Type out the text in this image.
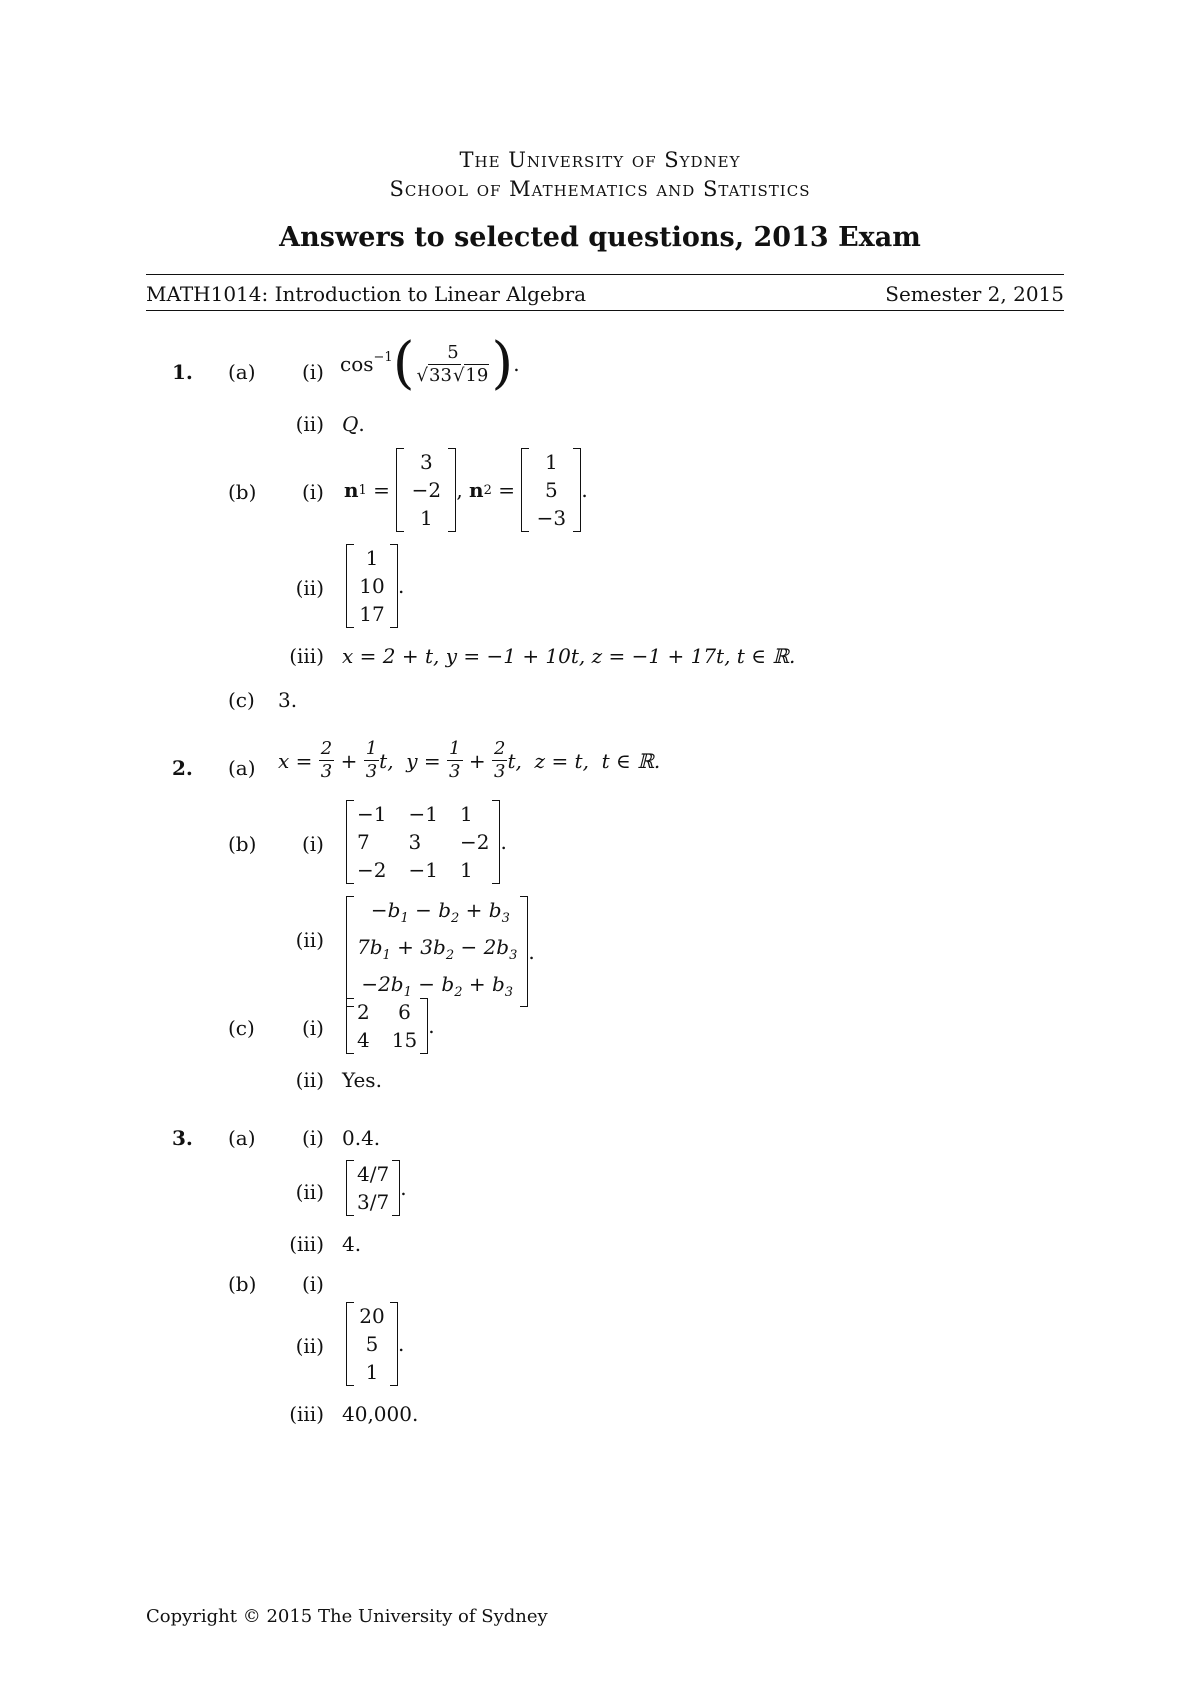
The University of Sydney
School of Mathematics and Statistics
Answers to selected questions, 2013 Exam
MATH1014: Introduction to Linear Algebra	Semester 2, 2015
1. (a)	(i) $\cos^{-1}$ ( $\frac{5}{√33√19}$ ) .
(ii) Q.
(b)	(i) n 1 =
3
−2
1
, n 2 =
1
5
−3
.
(ii)
1
10
17
.
(iii) x = 2 + t, y = −1 + 10t, z = −1 + 17t, t ∈ ℝ.
(c) 3.
2. (a) $x = \frac{2}{3} + \frac{1}{3} t$,  $y = \frac{1}{3} + \frac{2}{3} t$,  z = t,  t ∈ ℝ.
(b)	(i)
−1 −1 1
7	3	−2
−2 −1 1
.
(ii)
$-b_1 - b_2 + b_3$
$7b_1 + 3b_2 - 2b_3$
$-2b_1 - b_2 + b_3$
.
(c)	(i)
2	6
4 15
.
(ii) Yes.
3. (a)	(i) 0.4.
(ii)
4/7
3/7
.
(iii) 4.
(b)	(i)
(ii)
20
5
1
.
(iii) 40,000.
Copyright © 2015 The University of Sydney
